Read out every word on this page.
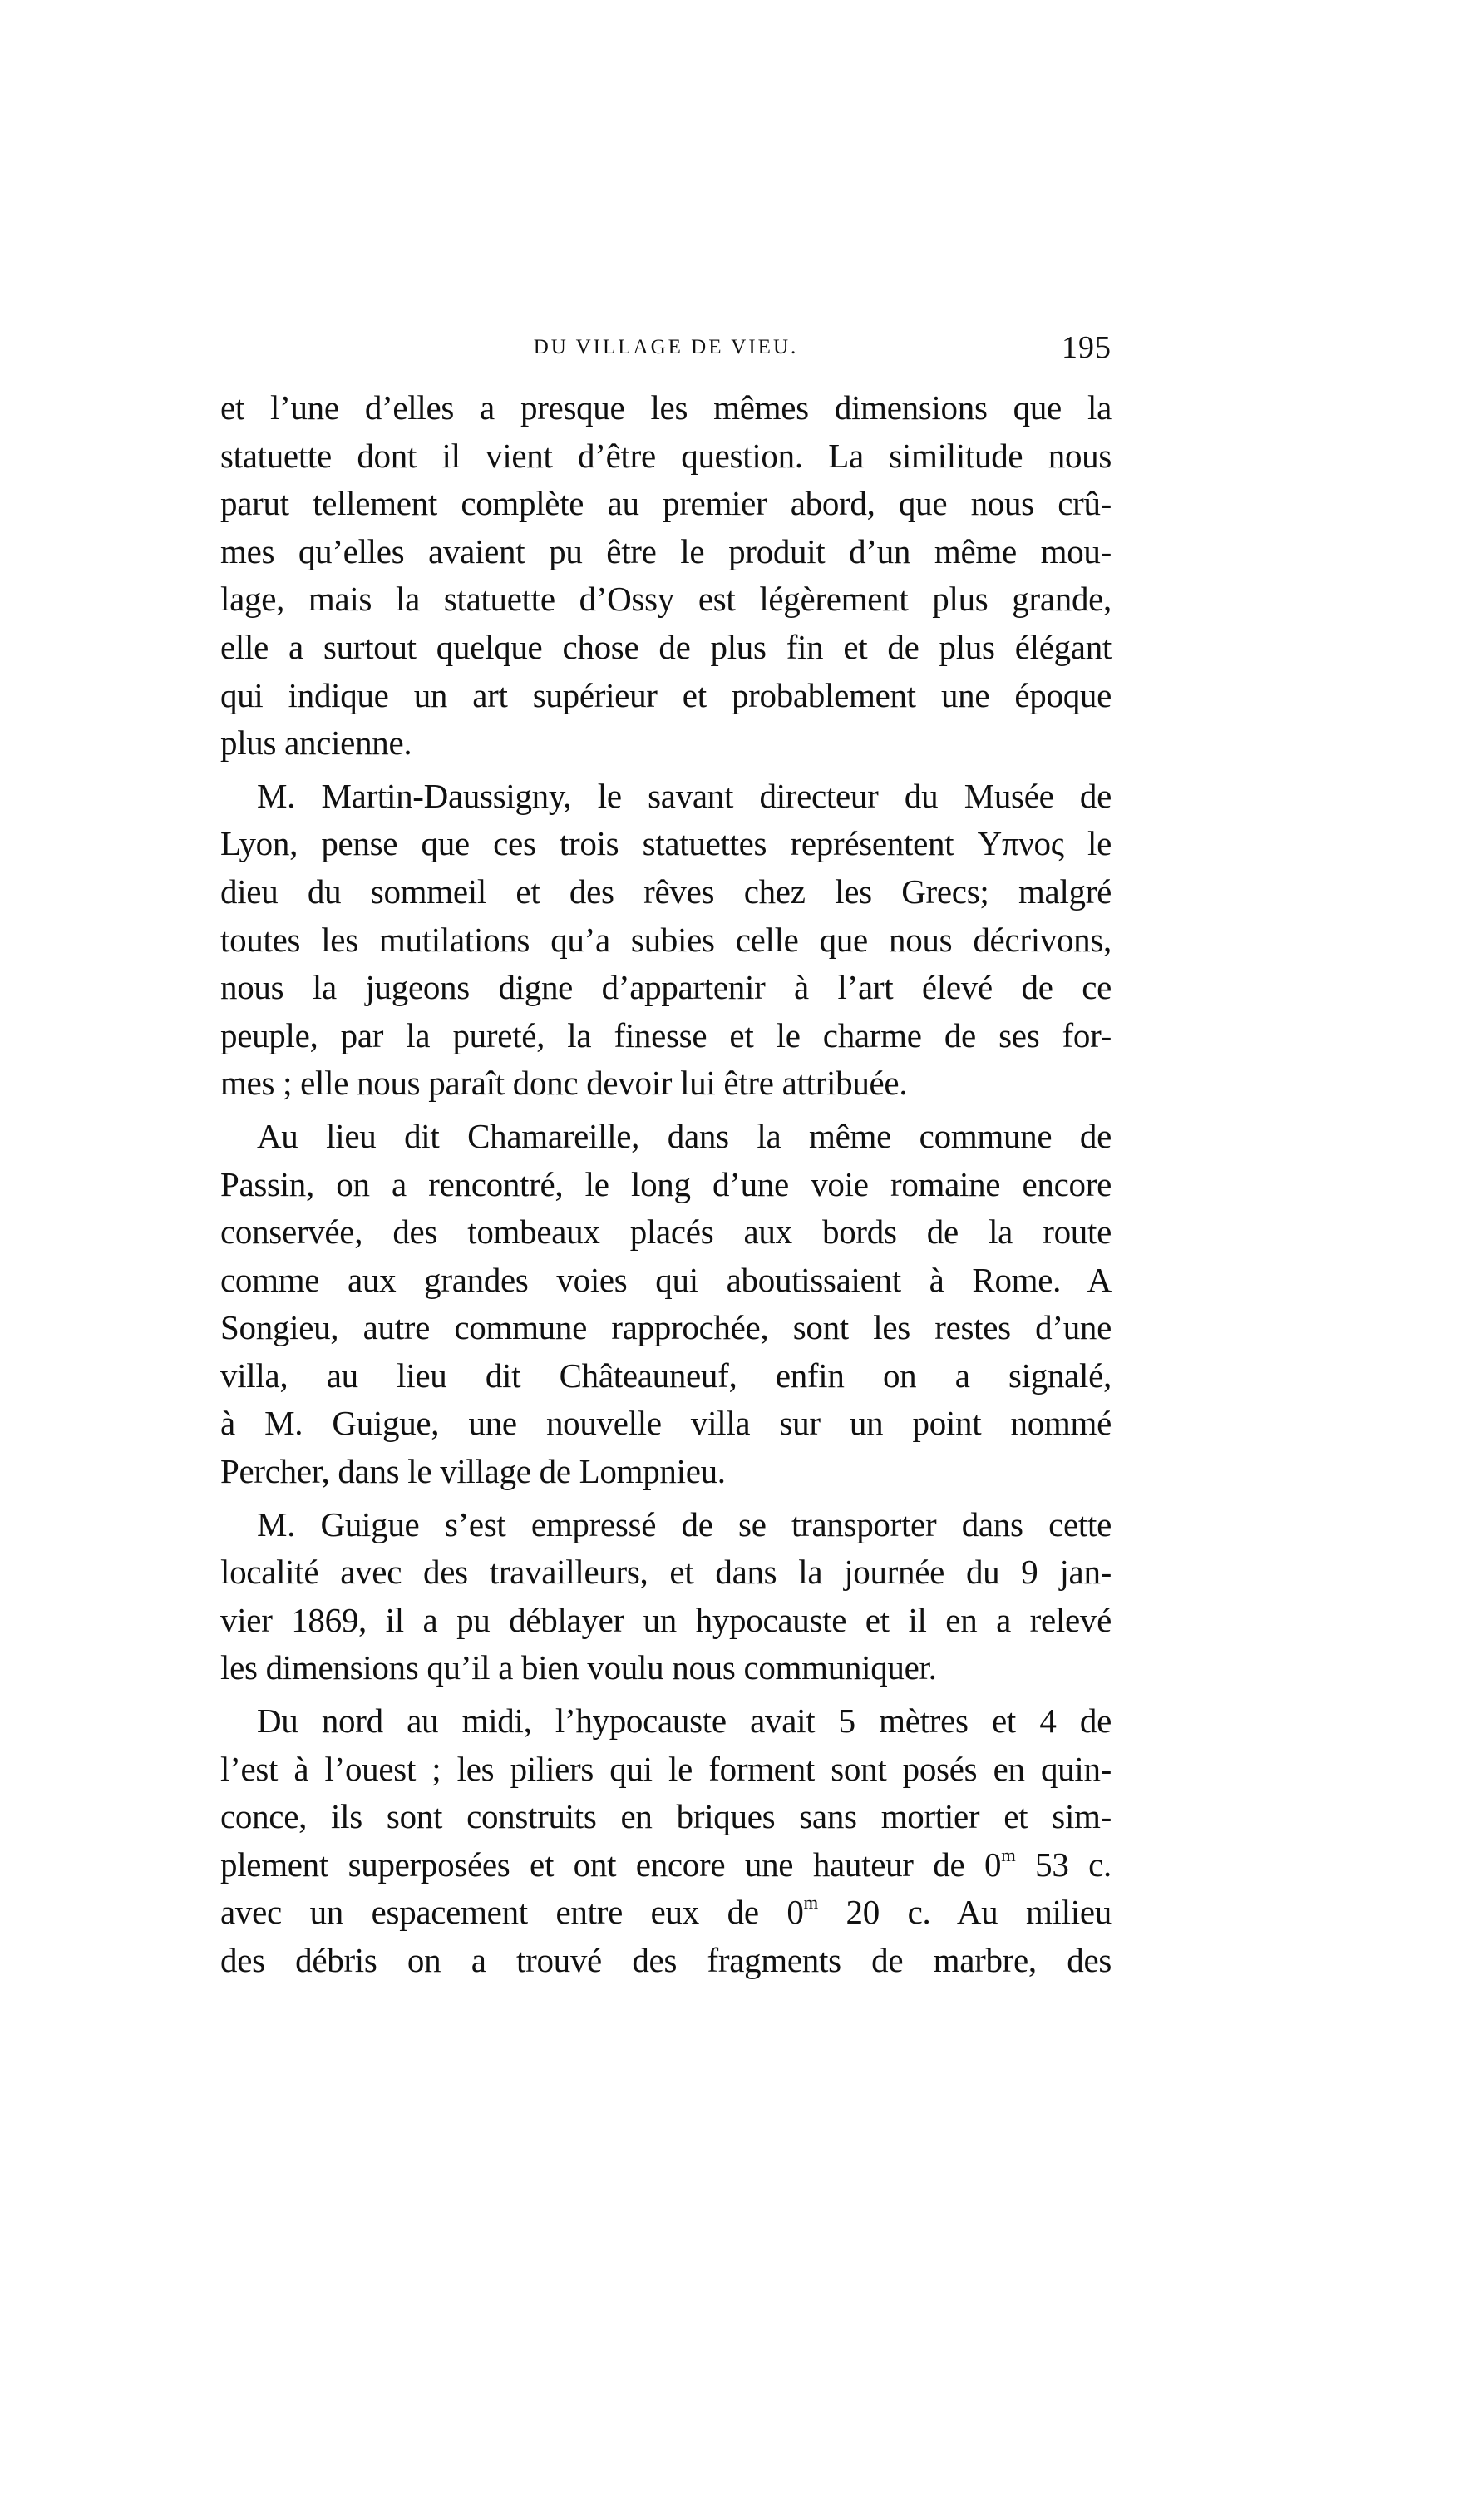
DU VILLAGE DE VIEU.	195
et l’une d’elles a presque les mêmes dimensions que la
statuette dont il vient d’être question. La similitude nous
parut tellement complète au premier abord, que nous crû-
mes qu’elles avaient pu être le produit d’un même mou-
lage, mais la statuette d’Ossy est légèrement plus grande,
elle a surtout quelque chose de plus fin et de plus élégant
qui indique un art supérieur et probablement une époque
plus ancienne.
M. Martin-Daussigny, le savant directeur du Musée de
Lyon, pense que ces trois statuettes représentent Υπνος le
dieu du sommeil et des rêves chez les Grecs; malgré
toutes les mutilations qu’a subies celle que nous décrivons,
nous la jugeons digne d’appartenir à l’art élevé de ce
peuple, par la pureté, la finesse et le charme de ses for-
mes ; elle nous paraît donc devoir lui être attribuée.
Au lieu dit Chamareille, dans la même commune de
Passin, on a rencontré, le long d’une voie romaine encore
conservée, des tombeaux placés aux bords de la route
comme aux grandes voies qui aboutissaient à Rome. A
Songieu, autre commune rapprochée, sont les restes d’une
villa, au lieu dit Châteauneuf, enfin on a signalé,
à M. Guigue, une nouvelle villa sur un point nommé
Percher, dans le village de Lompnieu.
M. Guigue s’est empressé de se transporter dans cette
localité avec des travailleurs, et dans la journée du 9 jan-
vier 1869, il a pu déblayer un hypocauste et il en a relevé
les dimensions qu’il a bien voulu nous communiquer.
Du nord au midi, l’hypocauste avait 5 mètres et 4 de
l’est à l’ouest ; les piliers qui le forment sont posés en quin-
conce, ils sont construits en briques sans mortier et sim-
plement superposées et ont encore une hauteur de 0$^m$ 53 c.
avec un espacement entre eux de 0$^m$ 20 c. Au milieu
des débris on a trouvé des fragments de marbre, des
